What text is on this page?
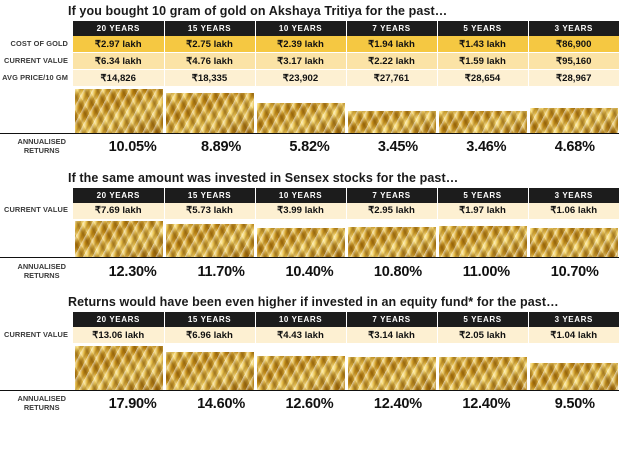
If you bought 10 gram of gold on Akshaya Tritiya for the past…
	20 YEARS	15 YEARS	10 YEARS	7 YEARS	5 YEARS	3 YEARS
COST OF GOLD	₹2.97 lakh	₹2.75 lakh	₹2.39 lakh	₹1.94 lakh	₹1.43 lakh	₹86,900
CURRENT VALUE	₹6.34 lakh	₹4.76 lakh	₹3.17 lakh	₹2.22 lakh	₹1.59 lakh	₹95,160
AVG PRICE/10 GM	₹14,826	₹18,335	₹23,902	₹27,761	₹28,654	₹28,967

ANNUALISED
RETURNS	10.05%	8.89%	5.82%	3.45%	3.46%	4.68%
If the same amount was invested in Sensex stocks for the past…
	20 YEARS	15 YEARS	10 YEARS	7 YEARS	5 YEARS	3 YEARS
CURRENT VALUE	₹7.69 lakh	₹5.73 lakh	₹3.99 lakh	₹2.95 lakh	₹1.97 lakh	₹1.06 lakh

ANNUALISED
RETURNS	12.30%	11.70%	10.40%	10.80%	11.00%	10.70%
Returns would have been even higher if invested in an equity fund* for the past…
	20 YEARS	15 YEARS	10 YEARS	7 YEARS	5 YEARS	3 YEARS
CURRENT VALUE	₹13.06 lakh	₹6.96 lakh	₹4.43 lakh	₹3.14 lakh	₹2.05 lakh	₹1.04 lakh

ANNUALISED
RETURNS	17.90%	14.60%	12.60%	12.40%	12.40%	9.50%
